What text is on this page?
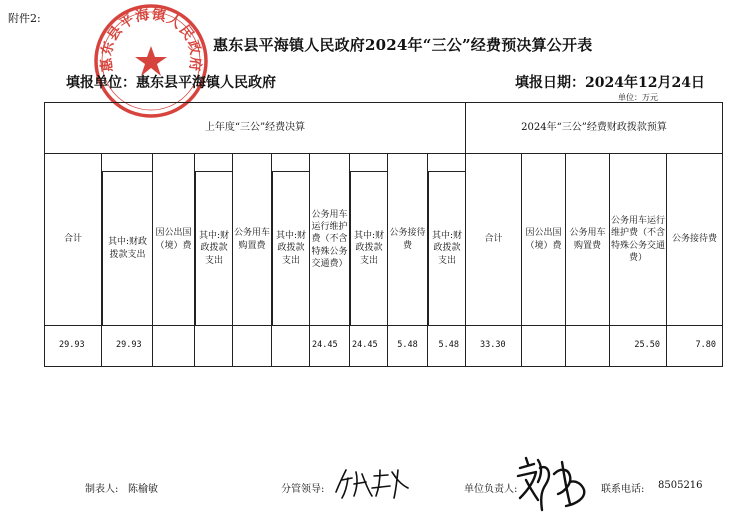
附件2:
惠东县平海镇人民政府
惠东县平海镇人民政府2024年“三公”经费预决算公开表
填报单位：惠东县平海镇人民政府	填报日期：2024年12月24日
单位：万元
上年度“三公”经费决算										2024年“三公”经费财政拨款预算				
合计	其中:财政拨款支出	因公出国（境）费	其中:财政拨款支出	公务用车购置费	其中:财政拨款支出	公务用车运行维护费（不含特殊公务交通费）	其中:财政拨款支出	公务接待费	其中:财政拨款支出	合计	因公出国（境）费	公务用车购置费	公务用车运行维护费（不含特殊公务交通费）	公务接待费
29.93	29.93					24.45	24.45	5.48	5.48	33.30			25.50	7.80
制表人: 陈榆敏	分管领导:	单位负责人:	联系电话: 8505216
